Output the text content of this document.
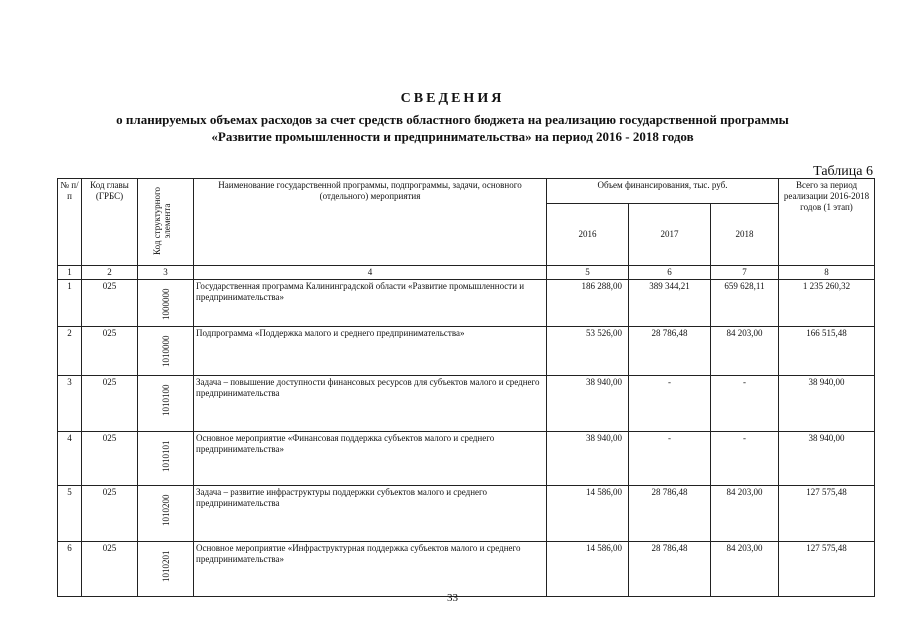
СВЕДЕНИЯ
о планируемых объемах расходов за счет средств областного бюджета на реализацию государственной программы
«Развитие промышленности и предпринимательства» на период 2016 - 2018 годов
Таблица 6
№ п/п	Код главы (ГРБС)	Код структурного элемента	Наименование государственной программы, подпрограммы, задачи, основного (отдельного) мероприятия	Объем финансирования, тыс. руб.			Всего за период реализации 2016-2018 годов (1 этап)
				2016	2017	2018	
1	2	3	4	5	6	7	8
1	025	1000000	Государственная программа Калининградской области «Развитие промышленности и предпринимательства»	186 288,00	389 344,21	659 628,11	1 235 260,32
2	025	1010000	Подпрограмма «Поддержка малого и среднего предпринимательства»	53 526,00	28 786,48	84 203,00	166 515,48
3	025	1010100	Задача – повышение доступности финансовых ресурсов для субъектов малого и среднего предпринимательства	38 940,00	-	-	38 940,00
4	025	1010101	Основное мероприятие «Финансовая поддержка субъектов малого и среднего предпринимательства»	38 940,00	-	-	38 940,00
5	025	1010200	Задача – развитие инфраструктуры поддержки субъектов малого и среднего предпринимательства	14 586,00	28 786,48	84 203,00	127 575,48
6	025	1010201	Основное мероприятие «Инфраструктурная поддержка субъектов малого и среднего предпринимательства»	14 586,00	28 786,48	84 203,00	127 575,48
33
